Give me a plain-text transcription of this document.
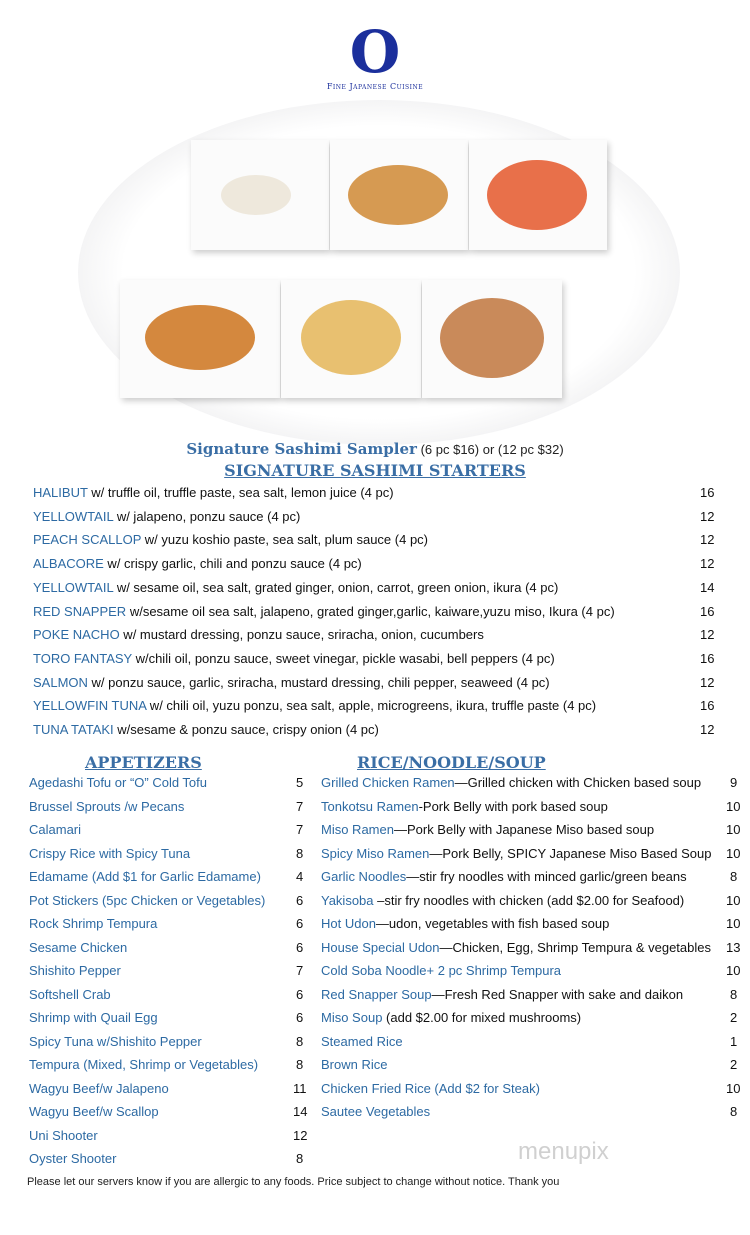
O
Fine Japanese Cuisine
Signature Sashimi Sampler (6 pc $16) or (12 pc $32)
SIGNATURE SASHIMI STARTERS
HALIBUT w/ truffle oil, truffle paste, sea salt, lemon juice (4 pc)	16
YELLOWTAIL w/ jalapeno, ponzu sauce (4 pc)	12
PEACH SCALLOP w/ yuzu koshio paste, sea salt, plum sauce (4 pc)	12
ALBACORE w/ crispy garlic, chili and ponzu sauce (4 pc)	12
YELLOWTAIL w/ sesame oil, sea salt, grated ginger, onion, carrot, green onion, ikura (4 pc)	14
RED SNAPPER w/sesame oil sea salt, jalapeno, grated ginger,garlic, kaiware,yuzu miso, Ikura (4 pc)	16
POKE NACHO w/ mustard dressing, ponzu sauce, sriracha, onion, cucumbers	12
TORO FANTASY w/chili oil, ponzu sauce, sweet vinegar, pickle wasabi, bell peppers (4 pc)	16
SALMON w/ ponzu sauce, garlic, sriracha, mustard dressing, chili pepper, seaweed (4 pc)	12
YELLOWFIN TUNA w/ chili oil, yuzu ponzu, sea salt, apple, microgreens, ikura, truffle paste (4 pc)	16
TUNA TATAKI w/sesame & ponzu sauce, crispy onion (4 pc)	12
APPETIZERS	RICE/NOODLE/SOUP
Agedashi Tofu or “O” Cold Tofu	5
Brussel Sprouts /w Pecans	7
Calamari	7
Crispy Rice with Spicy Tuna	8
Edamame (Add $1 for Garlic Edamame)	4
Pot Stickers (5pc Chicken or Vegetables) 6
Rock Shrimp Tempura	6
Sesame Chicken	6
Shishito Pepper	7
Softshell Crab	6
Shrimp with Quail Egg	6
Spicy Tuna w/Shishito Pepper	8
Tempura (Mixed, Shrimp or Vegetables)	8
Wagyu Beef/w Jalapeno	11
Wagyu Beef/w Scallop	14
Uni Shooter	12
Oyster Shooter	8
Grilled Chicken Ramen—Grilled chicken with Chicken based soup 9
Tonkotsu Ramen-Pork Belly with pork based soup	10
Miso Ramen—Pork Belly with Japanese Miso based soup	10
Spicy Miso Ramen—Pork Belly, SPICY Japanese Miso Based Soup 10
Garlic Noodles—stir fry noodles with minced garlic/green beans	8
Yakisoba –stir fry noodles with chicken (add $2.00 for Seafood)	10
Hot Udon—udon, vegetables with fish based soup	10
House Special Udon—Chicken, Egg, Shrimp Tempura & vegetables 13
Cold Soba Noodle+ 2 pc Shrimp Tempura	10
Red Snapper Soup—Fresh Red Snapper with sake and daikon	8
Miso Soup (add $2.00 for mixed mushrooms)	2
Steamed Rice	1
Brown Rice	2
Chicken Fried Rice (Add $2 for Steak)	10
Sautee Vegetables	8
menupix
Please let our servers know if you are allergic to any foods. Price subject to change without notice. Thank you
